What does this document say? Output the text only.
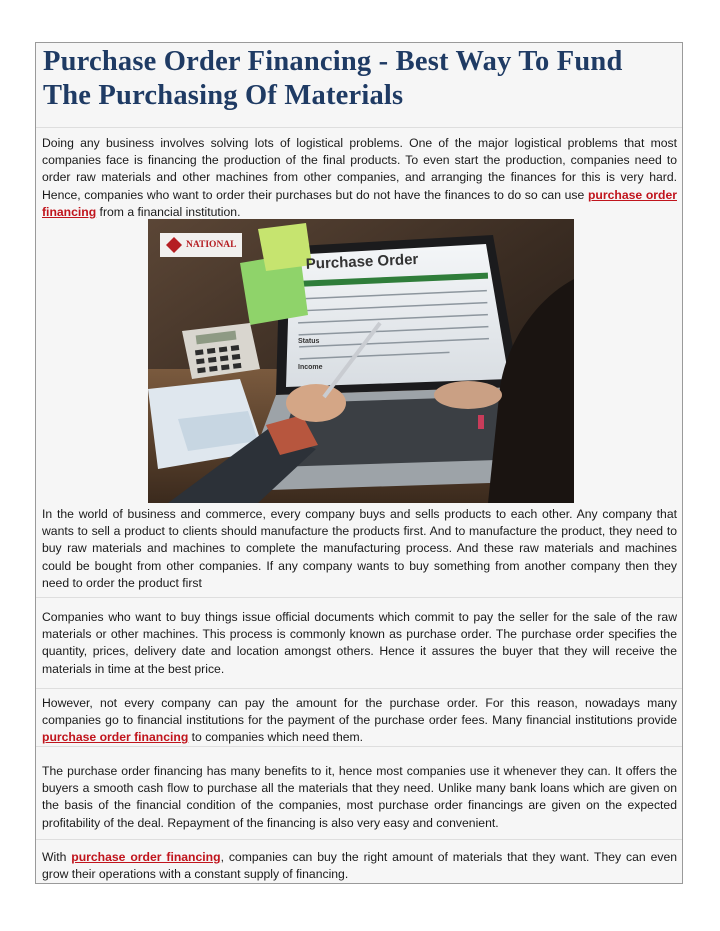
Purchase Order Financing - Best Way To Fund The Purchasing Of Materials

Doing any business involves solving lots of logistical problems. One of the major logistical problems that most companies face is financing the production of the final products. To even start the production, companies need to order raw materials and other machines from other companies, and arranging the finances for this is very hard. Hence, companies who want to order their purchases but do not have the finances to do so can use purchase order financing from a financial institution.

NATIONAL
Purchase Order
Status
Income

In the world of business and commerce, every company buys and sells products to each other. Any company that wants to sell a product to clients should manufacture the products first. And to manufacture the product, they need to buy raw materials and machines to complete the manufacturing process. And these raw materials and machines could be bought from other companies. If any company wants to buy something from another company then they need to order the product first

Companies who want to buy things issue official documents which commit to pay the seller for the sale of the raw materials or other machines. This process is commonly known as purchase order. The purchase order specifies the quantity, prices, delivery date and location amongst others. Hence it assures the buyer that they will receive the materials in time at the best price.

However, not every company can pay the amount for the purchase order. For this reason, nowadays many companies go to financial institutions for the payment of the purchase order fees. Many financial institutions provide purchase order financing to companies which need them.

The purchase order financing has many benefits to it, hence most companies use it whenever they can. It offers the buyers a smooth cash flow to purchase all the materials that they need. Unlike many bank loans which are given on the basis of the financial condition of the companies, most purchase order financings are given on the expected profitability of the deal. Repayment of the financing is also very easy and convenient.

With purchase order financing, companies can buy the right amount of materials that they want. They can even grow their operations with a constant supply of financing.
